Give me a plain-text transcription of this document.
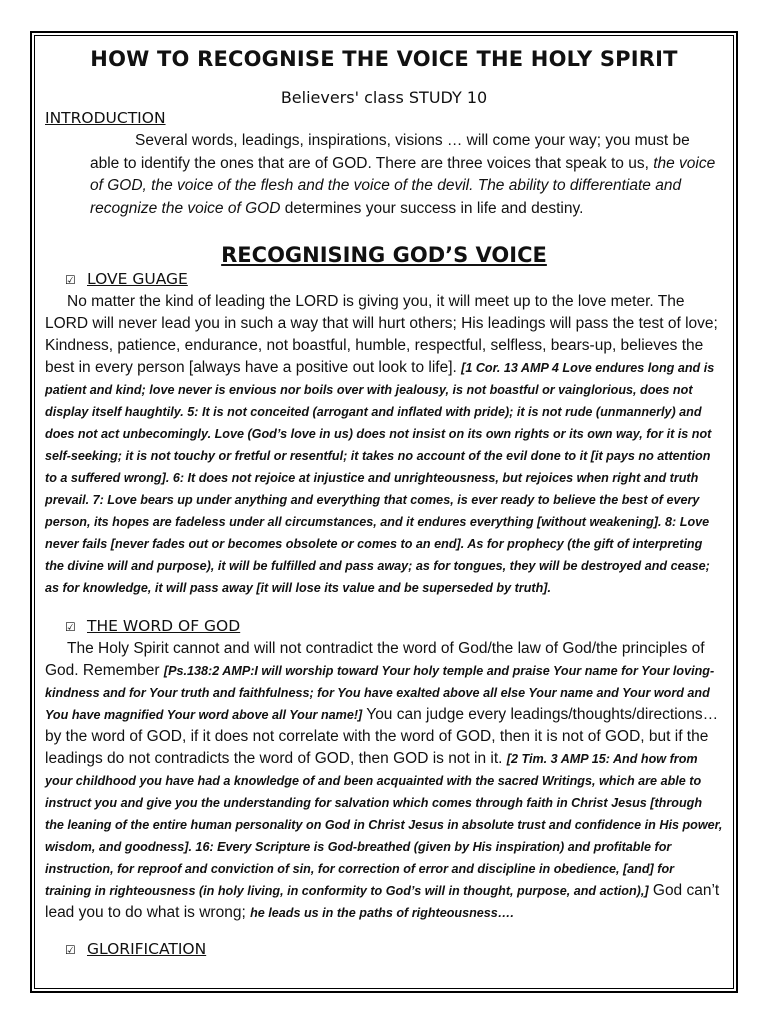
HOW TO RECOGNISE THE VOICE THE HOLY SPIRIT

Believers' class STUDY 10

INTRODUCTION

Several words, leadings, inspirations, visions … will come your way; you must be able to identify the ones that are of GOD. There are three voices that speak to us, the voice of GOD, the voice of the flesh and the voice of the devil. The ability to differentiate and recognize the voice of GOD determines your success in life and destiny.

RECOGNISING GOD’S VOICE
☑ LOVE GUAGE

No matter the kind of leading the LORD is giving you, it will meet up to the love meter. The LORD will never lead you in such a way that will hurt others; His leadings will pass the test of love; Kindness, patience, endurance, not boastful, humble, respectful, selfless, bears-up, believes the best in every person [always have a positive out look to life]. [1 Cor. 13 AMP 4 Love endures long and is patient and kind; love never is envious nor boils over with jealousy, is not boastful or vainglorious, does not display itself haughtily. 5: It is not conceited (arrogant and inflated with pride); it is not rude (unmannerly) and does not act unbecomingly. Love (God’s love in us) does not insist on its own rights or its own way, for it is not self-seeking; it is not touchy or fretful or resentful; it takes no account of the evil done to it [it pays no attention to a suffered wrong]. 6: It does not rejoice at injustice and unrighteousness, but rejoices when right and truth prevail. 7: Love bears up under anything and everything that comes, is ever ready to believe the best of every person, its hopes are fadeless under all circumstances, and it endures everything [without weakening]. 8: Love never fails [never fades out or becomes obsolete or comes to an end]. As for prophecy (the gift of interpreting the divine will and purpose), it will be fulfilled and pass away; as for tongues, they will be destroyed and cease; as for knowledge, it will pass away [it will lose its value and be superseded by truth].

☑ THE WORD OF GOD

The Holy Spirit cannot and will not contradict the word of God/the law of God/the principles of God. Remember [Ps.138:2 AMP:I will worship toward Your holy temple and praise Your name for Your loving-kindness and for Your truth and faithfulness; for You have exalted above all else Your name and Your word and You have magnified Your word above all Your name!] You can judge every leadings/thoughts/directions… by the word of GOD, if it does not correlate with the word of GOD, then it is not of GOD, but if the leadings do not contradicts the word of GOD, then GOD is not in it. [2 Tim. 3 AMP 15: And how from your childhood you have had a knowledge of and been acquainted with the sacred Writings, which are able to instruct you and give you the understanding for salvation which comes through faith in Christ Jesus [through the leaning of the entire human personality on God in Christ Jesus in absolute trust and confidence in His power, wisdom, and goodness]. 16: Every Scripture is God-breathed (given by His inspiration) and profitable for instruction, for reproof and conviction of sin, for correction of error and discipline in obedience, [and] for training in righteousness (in holy living, in conformity to God’s will in thought, purpose, and action),] God can’t lead you to do what is wrong; he leads us in the paths of righteousness….

☑ GLORIFICATION
